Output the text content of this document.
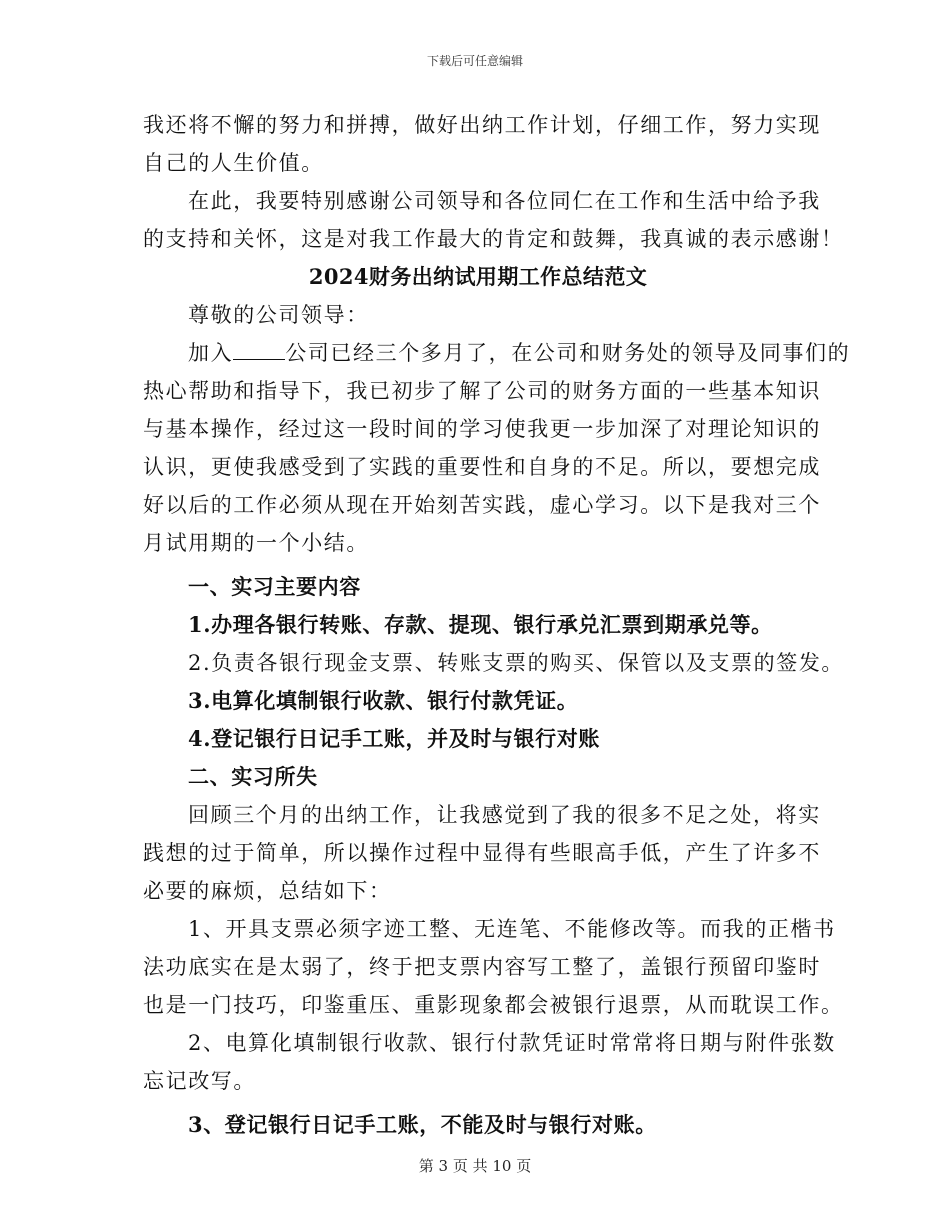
下载后可任意编辑
我还将不懈的努力和拼搏，做好出纳工作计划，仔细工作，努力实现
自己的人生价值。
在此，我要特别感谢公司领导和各位同仁在工作和生活中给予我
的支持和关怀，这是对我工作最大的肯定和鼓舞，我真诚的表示感谢！
2024财务出纳试用期工作总结范文
尊敬的公司领导：
加入 公司已经三个多月了，在公司和财务处的领导及同事们的
热心帮助和指导下，我已初步了解了公司的财务方面的一些基本知识
与基本操作，经过这一段时间的学习使我更一步加深了对理论知识的
认识，更使我感受到了实践的重要性和自身的不足。所以，要想完成
好以后的工作必须从现在开始刻苦实践，虚心学习。以下是我对三个
月试用期的一个小结。
一、实习主要内容
1.办理各银行转账、存款、提现、银行承兑汇票到期承兑等。
2.负责各银行现金支票、转账支票的购买、保管以及支票的签发。
3.电算化填制银行收款、银行付款凭证。
4.登记银行日记手工账，并及时与银行对账
二、实习所失
回顾三个月的出纳工作，让我感觉到了我的很多不足之处，将实
践想的过于简单，所以操作过程中显得有些眼高手低，产生了许多不
必要的麻烦，总结如下：
1、开具支票必须字迹工整、无连笔、不能修改等。而我的正楷书
法功底实在是太弱了，终于把支票内容写工整了，盖银行预留印鉴时
也是一门技巧，印鉴重压、重影现象都会被银行退票，从而耽误工作。
2、电算化填制银行收款、银行付款凭证时常常将日期与附件张数
忘记改写。
3、登记银行日记手工账，不能及时与银行对账。
第 3 页 共 10 页
